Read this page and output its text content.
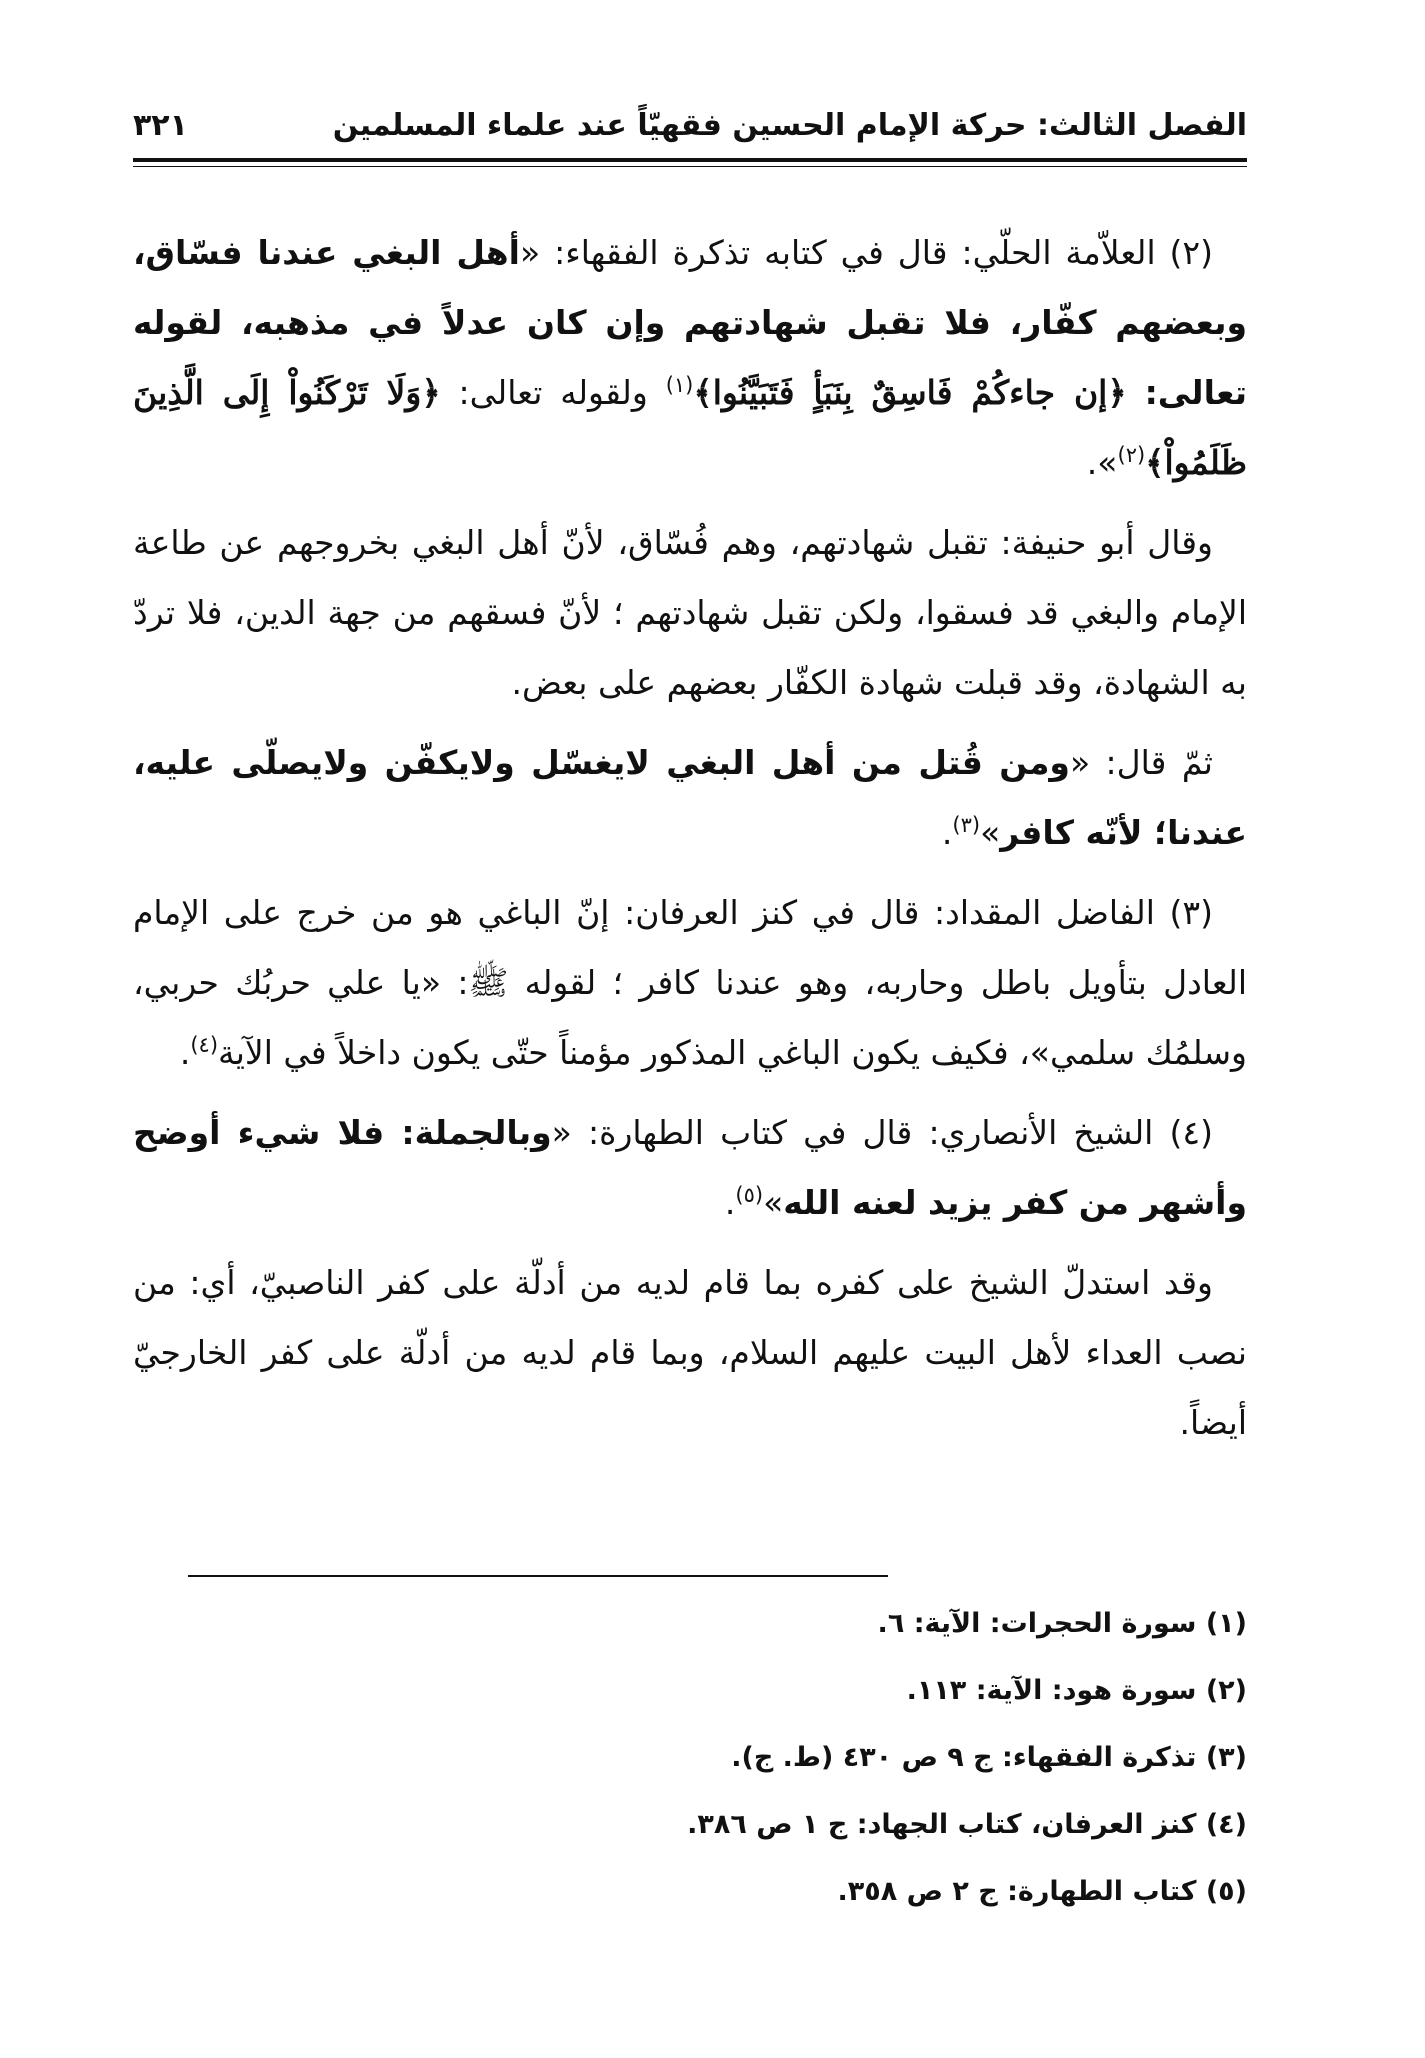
الفصل الثالث: حركة الإمام الحسين فقهيّاً عند علماء المسلمين
٣٢١

(٢) العلاّمة الحلّي: قال في كتابه تذكرة الفقهاء: «أهل البغي عندنا فسّاق، وبعضهم كفّار، فلا تقبل شهادتهم وإن كان عدلاً في مذهبه، لقوله تعالى: ﴿إن جاءكُمْ فَاسِقٌ بِنَبَأٍ فَتَبَيَّنُوا﴾$^{(١)}$ ولقوله تعالى: ﴿وَلَا تَرْكَنُواْ إِلَى الَّذِينَ ظَلَمُواْ﴾$^{(٢)}$».

وقال أبو حنيفة: تقبل شهادتهم، وهم فُسّاق، لأنّ أهل البغي بخروجهم عن طاعة الإمام والبغي قد فسقوا، ولكن تقبل شهادتهم ؛ لأنّ فسقهم من جهة الدين، فلا تردّ به الشهادة، وقد قبلت شهادة الكفّار بعضهم على بعض.

ثمّ قال: «ومن قُتل من أهل البغي لايغسّل ولايكفّن ولايصلّى عليه، عندنا؛ لأنّه كافر»$^{(٣)}$.

(٣) الفاضل المقداد: قال في كنز العرفان: إنّ الباغي هو من خرج على الإمام العادل بتأويل باطل وحاربه، وهو عندنا كافر ؛ لقوله ﷺ: «يا علي حربُك حربي، وسلمُك سلمي»، فكيف يكون الباغي المذكور مؤمناً حتّى يكون داخلاً في الآية$^{(٤)}$.

(٤) الشيخ الأنصاري: قال في كتاب الطهارة: «وبالجملة: فلا شيء أوضح وأشهر من كفر يزيد لعنه الله»$^{(٥)}$.

وقد استدلّ الشيخ على كفره بما قام لديه من أدلّة على كفر الناصبيّ، أي: من نصب العداء لأهل البيت عليهم السلام، وبما قام لديه من أدلّة على كفر الخارجيّ أيضاً.

(١) سورة الحجرات: الآية: ٦.
(٢) سورة هود: الآية: ١١٣.
(٣) تذكرة الفقهاء: ج ٩ ص ٤٣٠ (ط. ج).
(٤) كنز العرفان، كتاب الجهاد: ج ١ ص ٣٨٦.
(٥) كتاب الطهارة: ج ٢ ص ٣٥٨.
